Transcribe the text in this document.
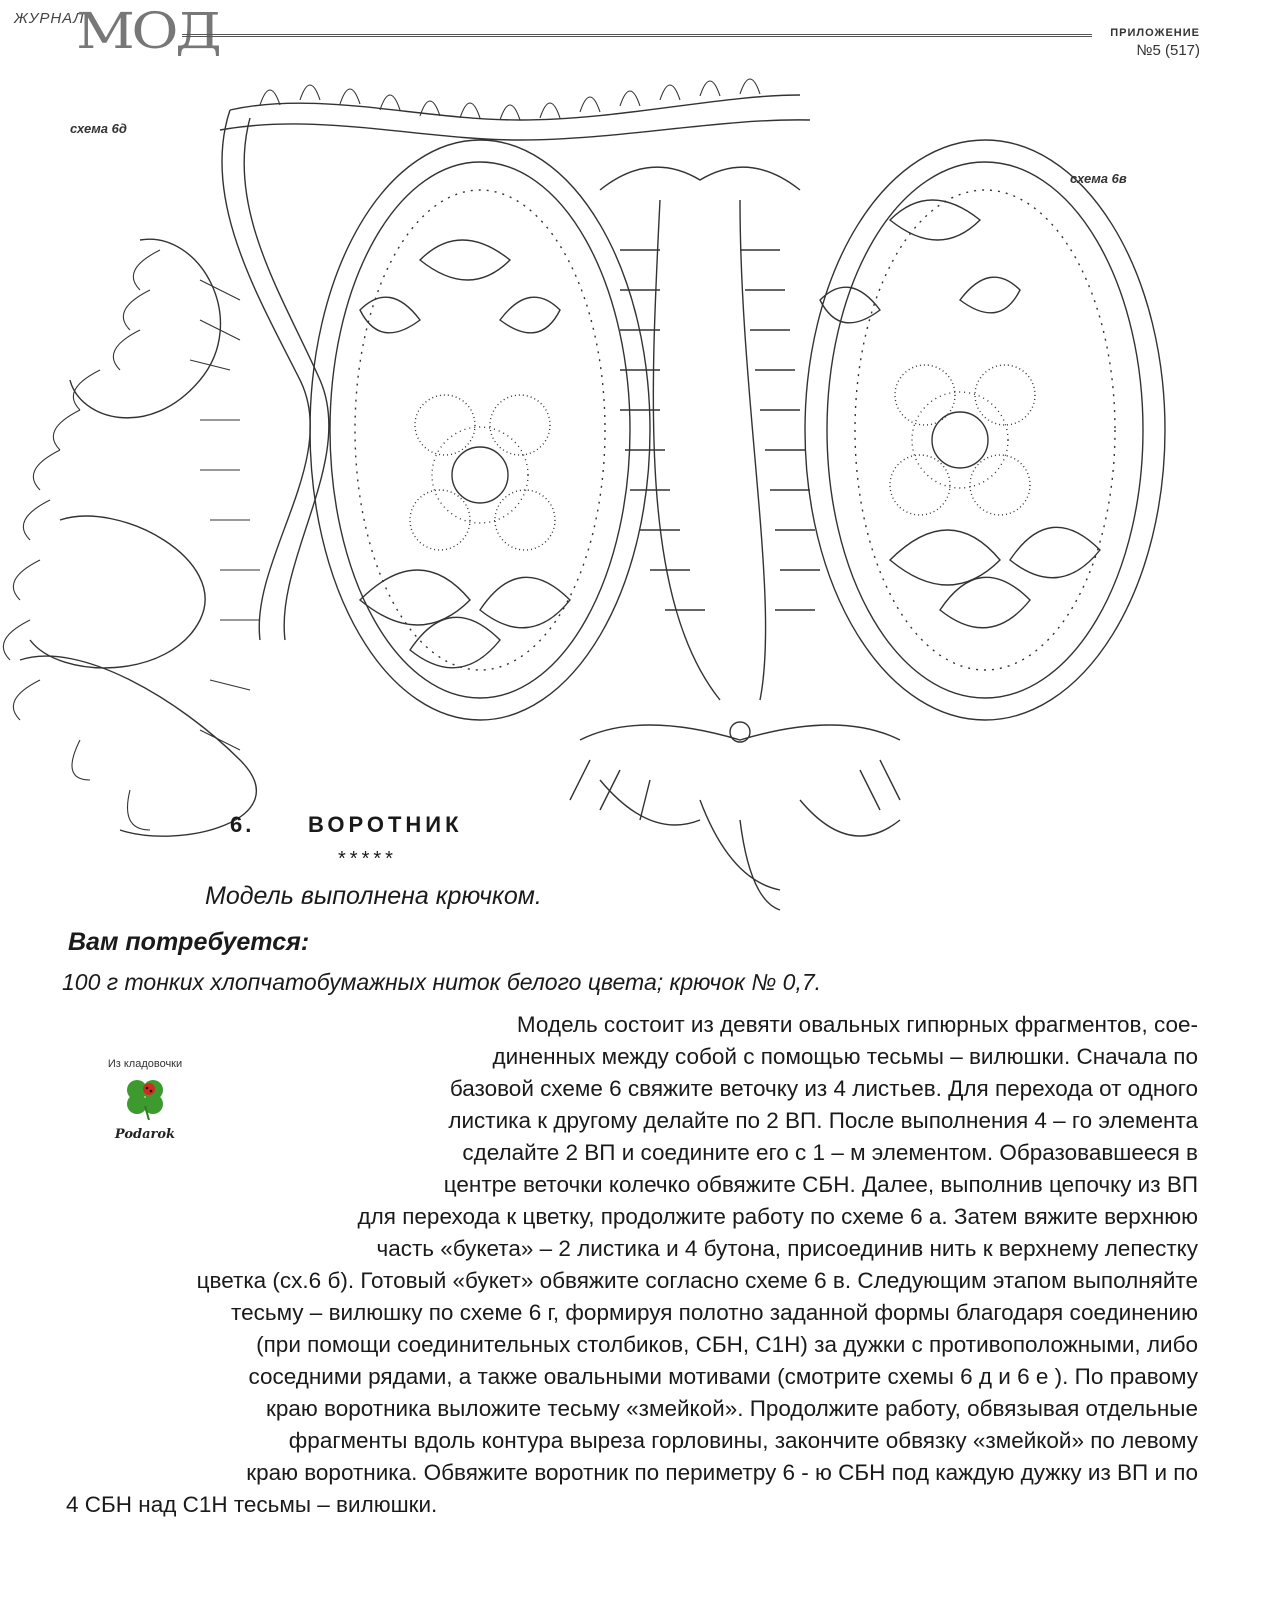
ЖУРНАЛ
МОД	ПРИЛОЖЕНИЕ
№5 (517)
схема 6д
схема 6в
6. ВОРОТНИК
*****
Модель выполнена крючком.
Вам потребуется:
100 г тонких хлопчатобумажных ниток белого цвета; крючок № 0,7.
Из кладовочки
Podarok
Модель состоит из девяти овальных гипюрных фрагментов, сое-
диненных между собой с помощью тесьмы – вилюшки. Сначала по
базовой схеме 6 свяжите веточку из 4 листьев. Для перехода от одного
листика к другому делайте по 2 ВП. После выполнения 4 – го элемента
сделайте 2 ВП и соедините его с 1 – м элементом. Образовавшееся в
центре веточки колечко обвяжите СБН. Далее, выполнив цепочку из ВП
для перехода к цветку, продолжите работу по схеме 6 а. Затем вяжите верхнюю
часть «букета» – 2 листика и 4 бутона, присоединив нить к верхнему лепестку
цветка (сх.6 б). Готовый «букет» обвяжите согласно схеме 6 в. Следующим этапом выполняйте
тесьму – вилюшку по схеме 6 г, формируя полотно заданной формы благодаря соединению
(при помощи соединительных столбиков, СБН, С1Н) за дужки с противоположными, либо
соседними рядами, а также овальными мотивами (смотрите схемы 6 д и 6 е ). По правому
краю воротника выложите тесьму «змейкой». Продолжите работу, обвязывая отдельные
фрагменты вдоль контура выреза горловины, закончите обвязку «змейкой» по левому
краю воротника. Обвяжите воротник по периметру 6 - ю СБН под каждую дужку из ВП и по
4 СБН над С1Н тесьмы – вилюшки.
